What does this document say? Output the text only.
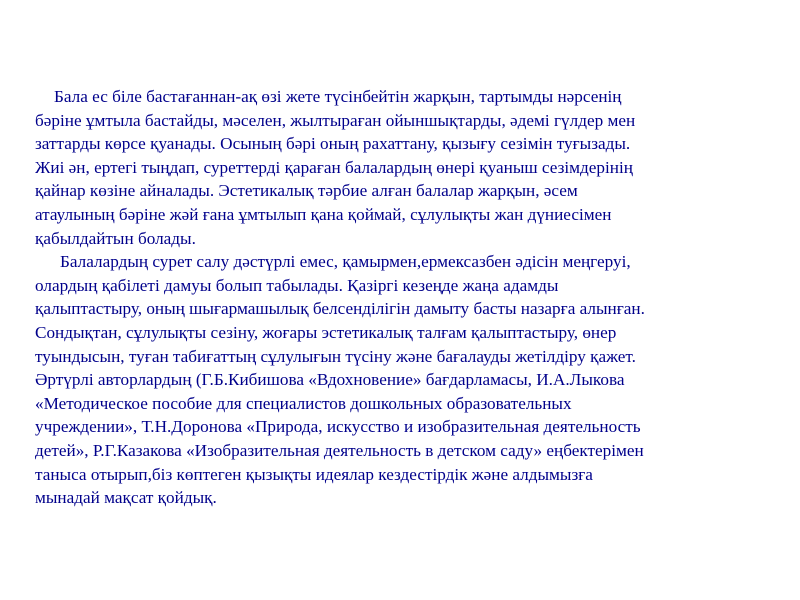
Бала ес біле бастағаннан-ақ өзі жете түсінбейтін жарқын, тартымды нәрсенің
бәріне ұмтыла бастайды, мәселен, жылтыраған ойыншықтарды, әдемі гүлдер мен
заттарды көрсе қуанады. Осының бәрі оның рахаттану, қызығу сезімін туғызады.
Жиі ән, ертегі тыңдап, суреттерді қараған балалардың өнері қуаныш сезімдерінің
қайнар көзіне айналады. Эстетикалық тәрбие алған балалар жарқын, әсем
атаулының бәріне жәй ғана ұмтылып қана қоймай, сұлулықты жан дүниесімен
қабылдайтын болады.
Балалардың сурет салу дәстүрлі емес, қамырмен,ермексазбен әдісін меңгеруі,
олардың қабілеті дамуы болып табылады. Қазіргі кезеңде жаңа адамды
қалыптастыру, оның шығармашылық белсенділігін дамыту басты назарға алынған.
Сондықтан, сұлулықты сезіну, жоғары эстетикалық талғам қалыптастыру, өнер
туындысын, туған табиғаттың сұлулығын түсіну және бағалауды жетілдіру қажет.
Әртүрлі авторлардың (Г.Б.Кибишова «Вдохновение» бағдарламасы, И.А.Лыкова
«Методическое пособие для специалистов дошкольных образовательных
учреждении», Т.Н.Доронова «Природа, искусство и изобразительная деятельность
детей», Р.Г.Казакова «Изобразительная деятельность в детском саду» еңбектерімен
таныса отырып,біз көптеген қызықты идеялар кездестірдік және алдымызға
мынадай мақсат қойдық.
